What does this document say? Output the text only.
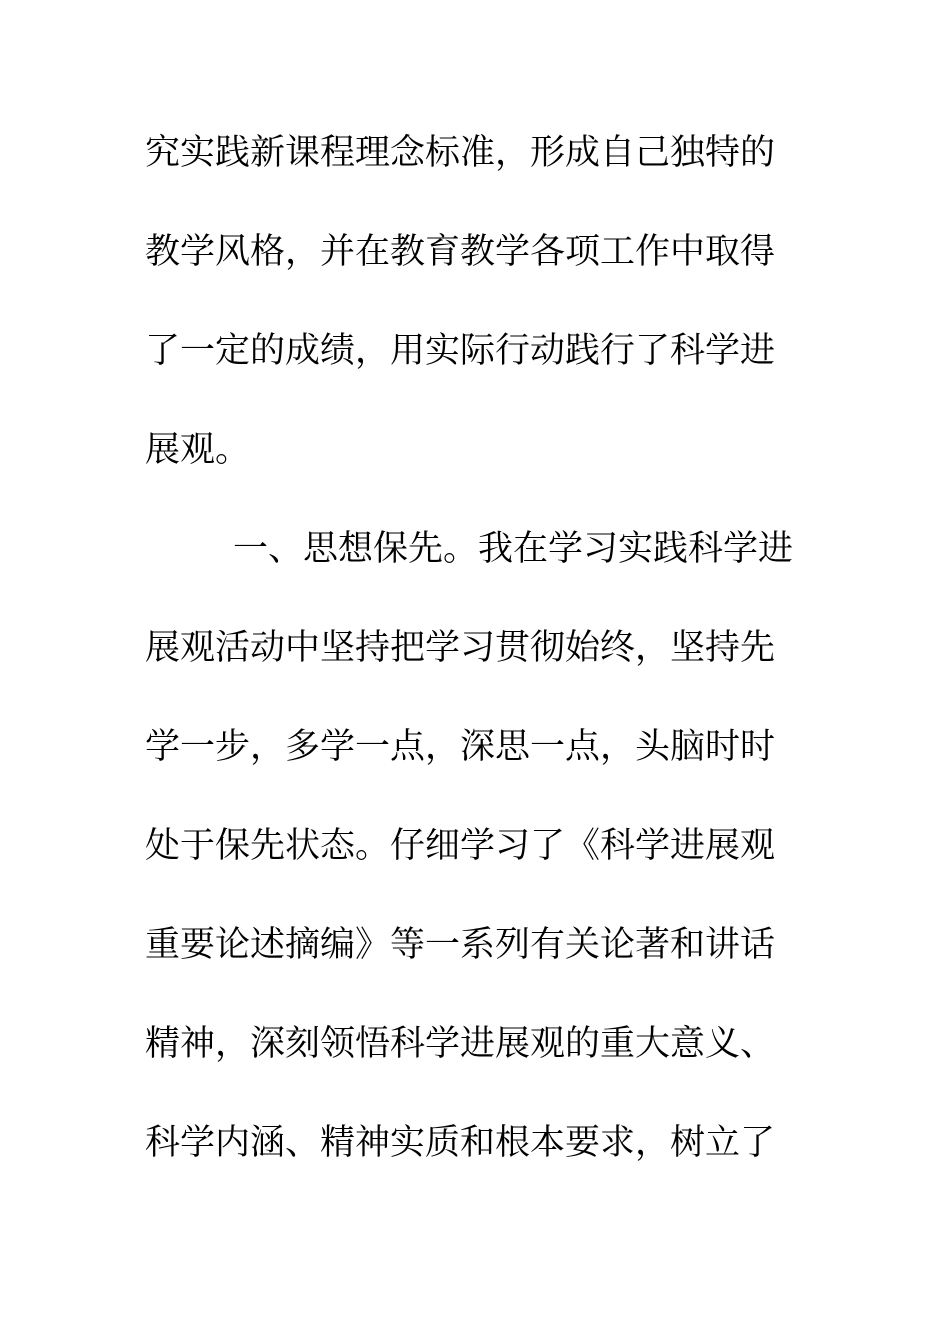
究实践新课程理念标准，形成自己独特的
教学风格，并在教育教学各项工作中取得
了一定的成绩，用实际行动践行了科学进
展观。
一、思想保先。我在学习实践科学进
展观活动中坚持把学习贯彻始终，坚持先
学一步，多学一点，深思一点，头脑时时
处于保先状态。仔细学习了《科学进展观
重要论述摘编》等一系列有关论著和讲话
精神，深刻领悟科学进展观的重大意义、
科学内涵、精神实质和根本要求，树立了
